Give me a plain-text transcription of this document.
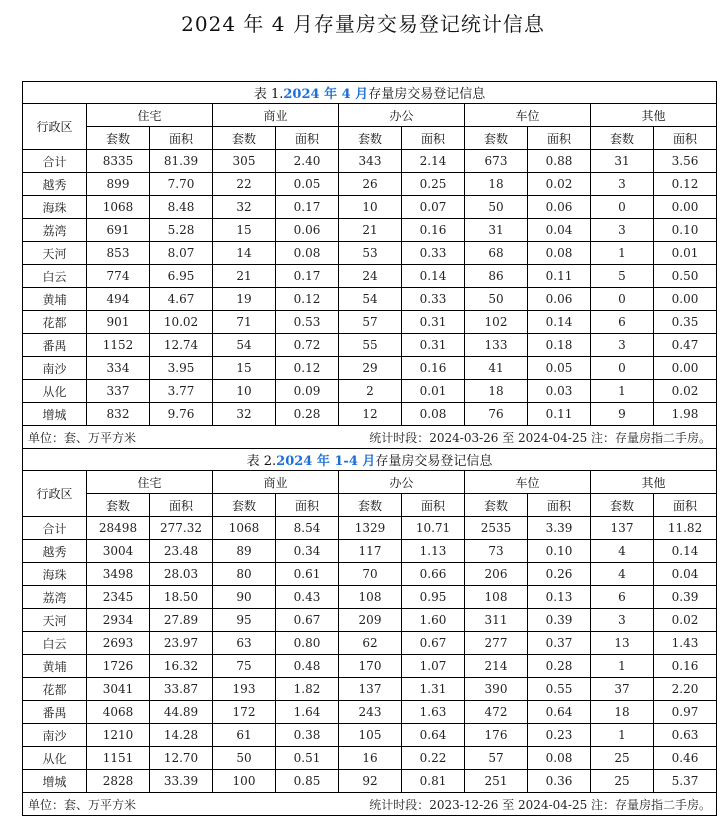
2024 年 4 月存量房交易登记统计信息
表 1.2024 年 4 月存量房交易登记信息										
行政区	住宅		商业		办公		车位		其他	
	套数	面积	套数	面积	套数	面积	套数	面积	套数	面积
合计	8335	81.39	305	2.40	343	2.14	673	0.88	31	3.56
越秀	899	7.70	22	0.05	26	0.25	18	0.02	3	0.12
海珠	1068	8.48	32	0.17	10	0.07	50	0.06	0	0.00
荔湾	691	5.28	15	0.06	21	0.16	31	0.04	3	0.10
天河	853	8.07	14	0.08	53	0.33	68	0.08	1	0.01
白云	774	6.95	21	0.17	24	0.14	86	0.11	5	0.50
黄埔	494	4.67	19	0.12	54	0.33	50	0.06	0	0.00
花都	901	10.02	71	0.53	57	0.31	102	0.14	6	0.35
番禺	1152	12.74	54	0.72	55	0.31	133	0.18	3	0.47
南沙	334	3.95	15	0.12	29	0.16	41	0.05	0	0.00
从化	337	3.77	10	0.09	2	0.01	18	0.03	1	0.02
增城	832	9.76	32	0.28	12	0.08	76	0.11	9	1.98

单位：套、万平方米 统计时段：2024-03-26 至 2024-04-25 注：存量房指二手房。										
表 2.2024 年 1-4 月存量房交易登记信息										
行政区	住宅		商业		办公		车位		其他	
	套数	面积	套数	面积	套数	面积	套数	面积	套数	面积
合计	28498	277.32	1068	8.54	1329	10.71	2535	3.39	137	11.82
越秀	3004	23.48	89	0.34	117	1.13	73	0.10	4	0.14
海珠	3498	28.03	80	0.61	70	0.66	206	0.26	4	0.04
荔湾	2345	18.50	90	0.43	108	0.95	108	0.13	6	0.39
天河	2934	27.89	95	0.67	209	1.60	311	0.39	3	0.02
白云	2693	23.97	63	0.80	62	0.67	277	0.37	13	1.43
黄埔	1726	16.32	75	0.48	170	1.07	214	0.28	1	0.16
花都	3041	33.87	193	1.82	137	1.31	390	0.55	37	2.20
番禺	4068	44.89	172	1.64	243	1.63	472	0.64	18	0.97
南沙	1210	14.28	61	0.38	105	0.64	176	0.23	1	0.63
从化	1151	12.70	50	0.51	16	0.22	57	0.08	25	0.46
增城	2828	33.39	100	0.85	92	0.81	251	0.36	25	5.37

单位：套、万平方米 统计时段：2023-12-26 至 2024-04-25 注：存量房指二手房。										
